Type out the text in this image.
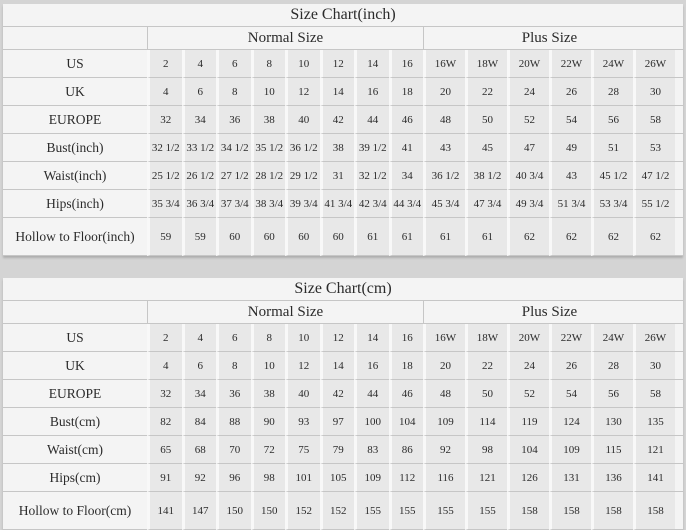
Size Chart(inch)															
	Normal Size								Plus Size						
US	2	4	6	8	10	12	14	16	16W	18W	20W	22W	24W	26W	
UK	4	6	8	10	12	14	16	18	20	22	24	26	28	30	
EUROPE	32	34	36	38	40	42	44	46	48	50	52	54	56	58	
Bust(inch)	32 1/2	33 1/2	34 1/2	35 1/2	36 1/2	38	39 1/2	41	43	45	47	49	51	53	
Waist(inch)	25 1/2	26 1/2	27 1/2	28 1/2	29 1/2	31	32 1/2	34	36 1/2	38 1/2	40 3/4	43	45 1/2	47 1/2	
Hips(inch)	35 3/4	36 3/4	37 3/4	38 3/4	39 3/4	41 3/4	42 3/4	44 3/4	45 3/4	47 3/4	49 3/4	51 3/4	53 3/4	55 1/2	
Hollow to Floor(inch)	59	59	60	60	60	60	61	61	61	61	62	62	62	62	
Size Chart(cm)															
	Normal Size								Plus Size						
US	2	4	6	8	10	12	14	16	16W	18W	20W	22W	24W	26W	
UK	4	6	8	10	12	14	16	18	20	22	24	26	28	30	
EUROPE	32	34	36	38	40	42	44	46	48	50	52	54	56	58	
Bust(cm)	82	84	88	90	93	97	100	104	109	114	119	124	130	135	
Waist(cm)	65	68	70	72	75	79	83	86	92	98	104	109	115	121	
Hips(cm)	91	92	96	98	101	105	109	112	116	121	126	131	136	141	
Hollow to Floor(cm)	141	147	150	150	152	152	155	155	155	155	158	158	158	158	
